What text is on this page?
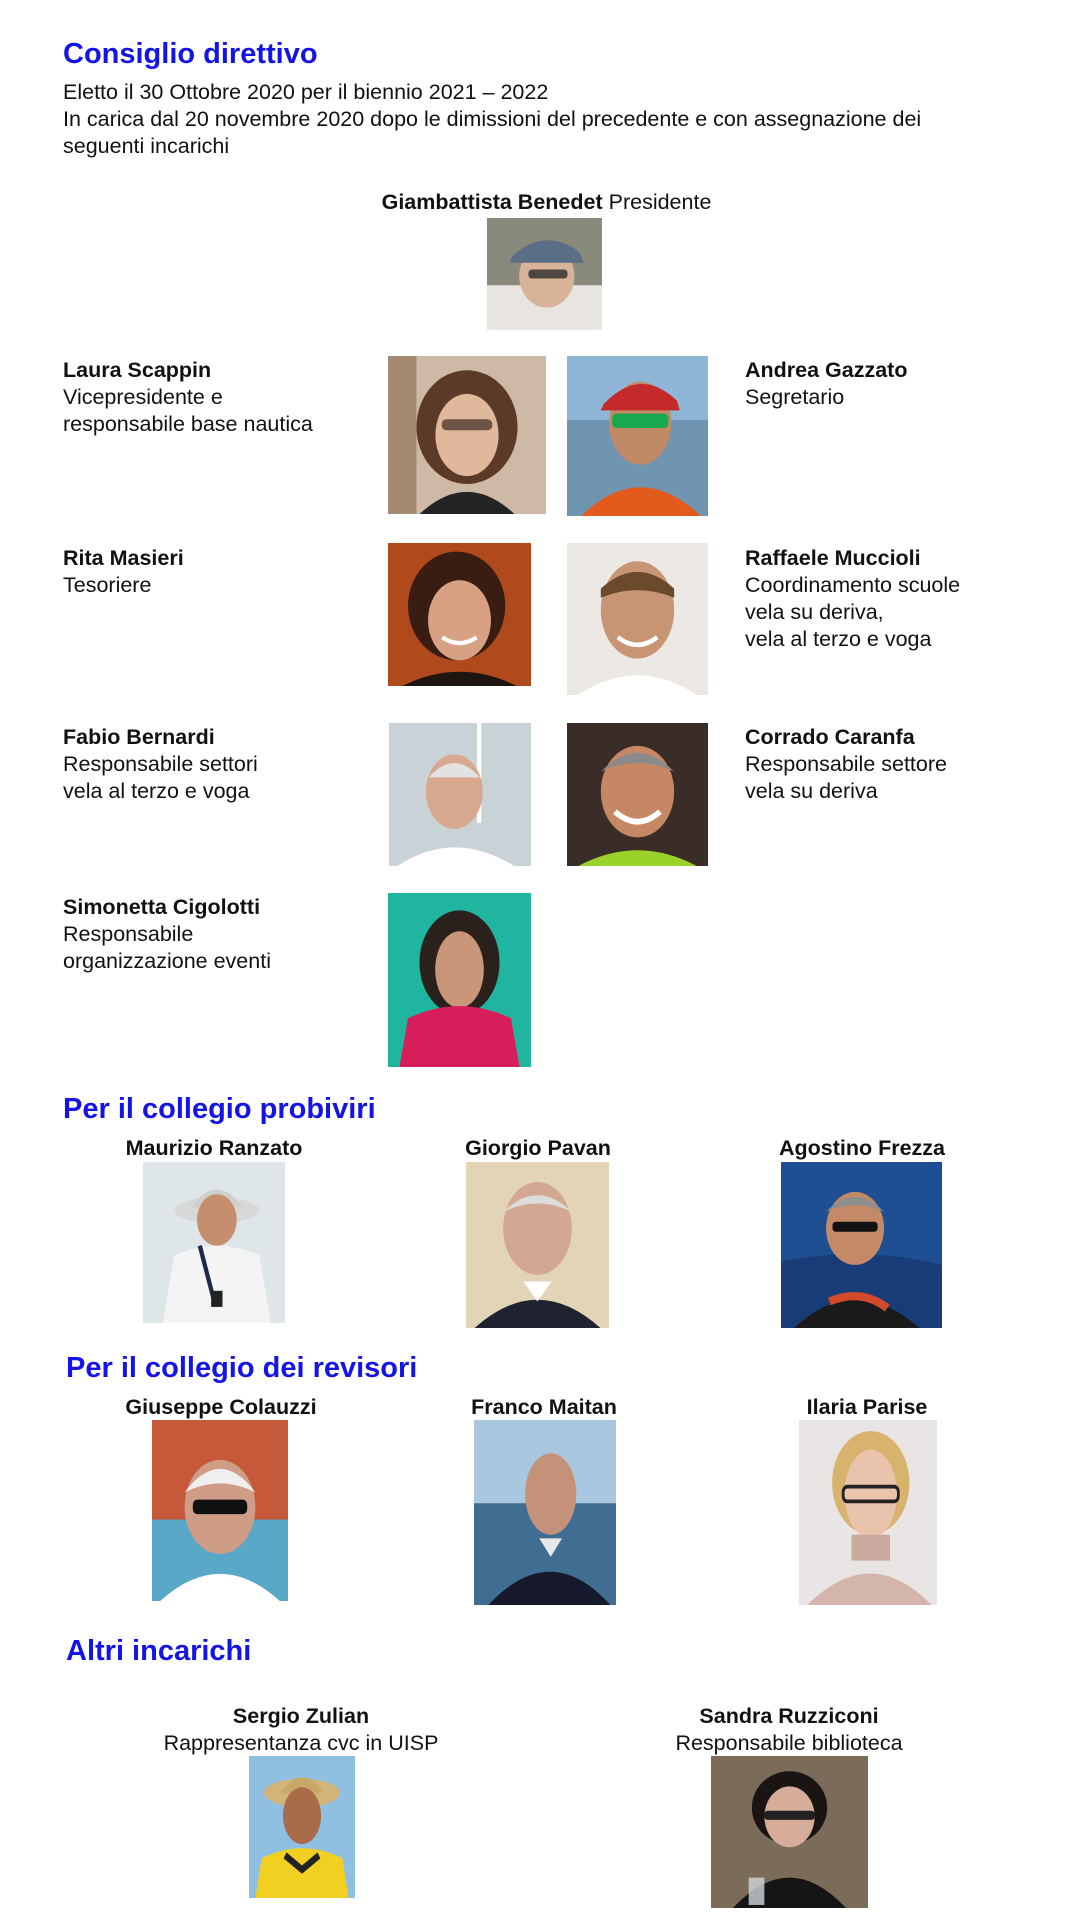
Consiglio direttivo
Eletto il 30 Ottobre 2020 per il biennio 2021 – 2022
In carica dal 20 novembre 2020 dopo le dimissioni del precedente e con assegnazione dei
seguenti incarichi
Giambattista Benedet Presidente
Laura Scappin
Vicepresidente e
responsabile base nautica
Andrea Gazzato
Segretario
Rita Masieri
Tesoriere
Raffaele Muccioli
Coordinamento scuole
vela su deriva,
vela al terzo e voga
Fabio Bernardi
Responsabile settori
vela al terzo e voga
Corrado Caranfa
Responsabile settore
vela su deriva
Simonetta Cigolotti
Responsabile
organizzazione eventi
Per il collegio probiviri
Maurizio Ranzato	Giorgio Pavan	Agostino Frezza
Per il collegio dei revisori
Giuseppe Colauzzi	Franco Maitan	Ilaria Parise
Altri incarichi
Sergio Zulian
Rappresentanza cvc in UISP
Sandra Ruzziconi
Responsabile biblioteca
